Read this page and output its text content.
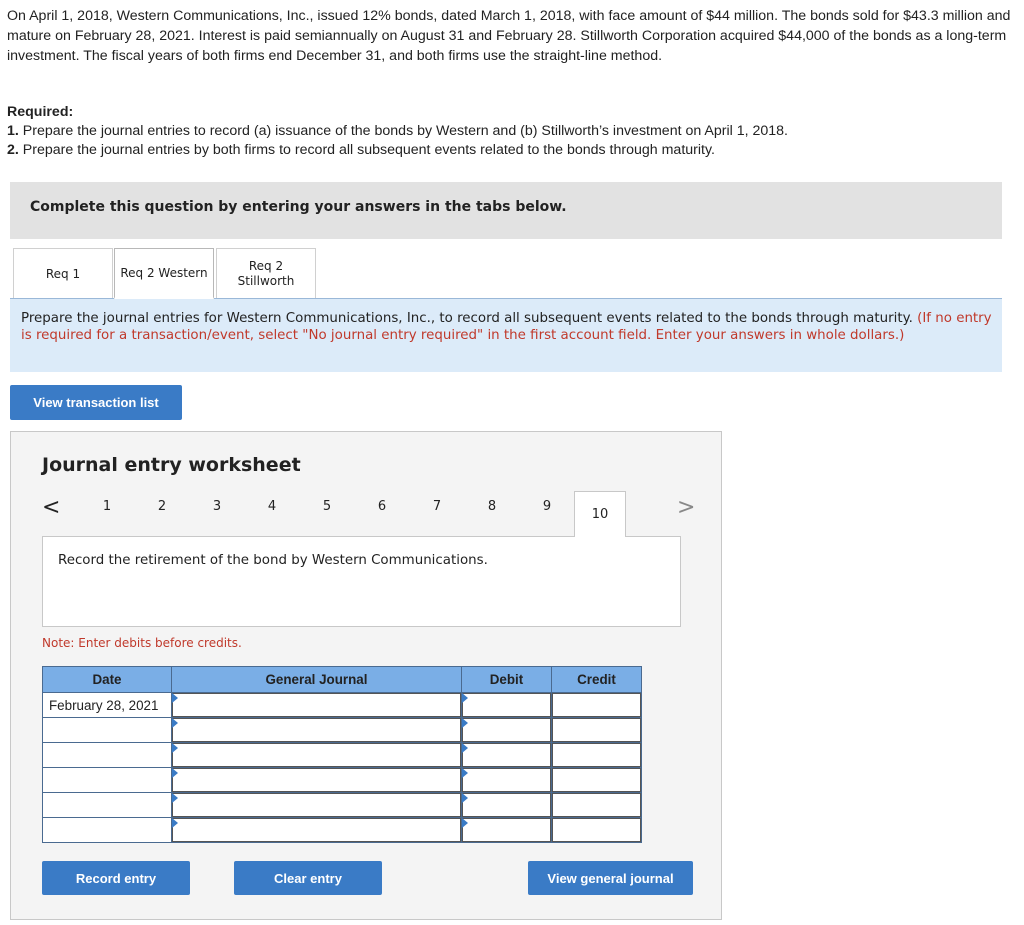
On April 1, 2018, Western Communications, Inc., issued 12% bonds, dated March 1, 2018, with face amount of $44 million. The bonds sold for $43.3 million and mature on February 28, 2021. Interest is paid semiannually on August 31 and February 28. Stillworth Corporation acquired $44,000 of the bonds as a long-term investment. The fiscal years of both firms end December 31, and both firms use the straight-line method.

Required:
1. Prepare the journal entries to record (a) issuance of the bonds by Western and (b) Stillworth’s investment on April 1, 2018.
2. Prepare the journal entries by both firms to record all subsequent events related to the bonds through maturity.
Complete this question by entering your answers in the tabs below.
Req 1	Req 2 Western	Req 2
Stillworth
Prepare the journal entries for Western Communications, Inc., to record all subsequent events related to the bonds through maturity. (If no entry is required for a transaction/event, select "No journal entry required" in the first account field. Enter your answers in whole dollars.)
View transaction list
Journal entry worksheet
<	1	2	3	4	5	6	7	8	9
10	>
Record the retirement of the bond by Western Communications.
Note: Enter debits before credits.
Date	General Journal	Debit	Credit
February 28, 2021	

Record entry	Clear entry	View general journal
